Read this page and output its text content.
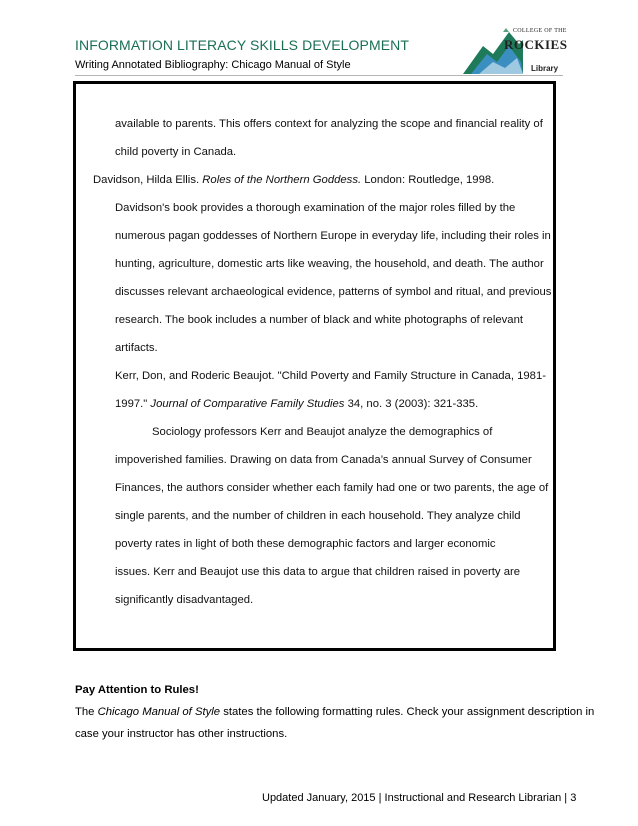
INFORMATION LITERACY SKILLS DEVELOPMENT
Writing Annotated Bibliography: Chicago Manual of Style
COLLEGE OF THE
ROCKIES
Library
available to parents. This offers context for analyzing the scope and financial reality of
child poverty in Canada.
Davidson, Hilda Ellis. Roles of the Northern Goddess. London: Routledge, 1998.
Davidson's book provides a thorough examination of the major roles filled by the
numerous pagan goddesses of Northern Europe in everyday life, including their roles in
hunting, agriculture, domestic arts like weaving, the household, and death. The author
discusses relevant archaeological evidence, patterns of symbol and ritual, and previous
research. The book includes a number of black and white photographs of relevant
artifacts.
Kerr, Don, and Roderic Beaujot. "Child Poverty and Family Structure in Canada, 1981-
1997." Journal of Comparative Family Studies 34, no. 3 (2003): 321-335.
Sociology professors Kerr and Beaujot analyze the demographics of
impoverished families. Drawing on data from Canada’s annual Survey of Consumer
Finances, the authors consider whether each family had one or two parents, the age of
single parents, and the number of children in each household. They analyze child
poverty rates in light of both these demographic factors and larger economic
issues. Kerr and Beaujot use this data to argue that children raised in poverty are
significantly disadvantaged.
Pay Attention to Rules!
The Chicago Manual of Style states the following formatting rules. Check your assignment description in
case your instructor has other instructions.
Updated January, 2015 | Instructional and Research Librarian | 3
